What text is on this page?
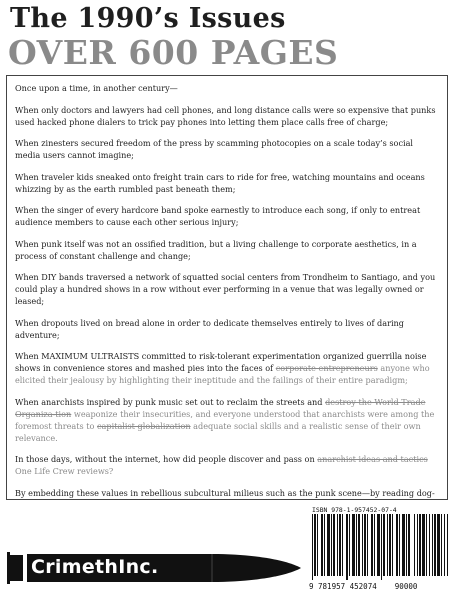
The 1990’s Issues
OVER 600 PAGES

Once upon a time, in another century—

When only doctors and lawyers had cell phones, and long distance calls were so expensive that punks used hacked phone dialers to trick pay phones into letting them place calls free of charge;

When zinesters secured freedom of the press by scamming photocopies on a scale today’s social media users cannot imagine;

When traveler kids sneaked onto freight train cars to ride for free, watching mountains and oceans whizzing by as the earth rumbled past beneath them;

When the singer of every hardcore band spoke earnestly to introduce each song, if only to entreat audience members to cause each other serious injury;

When punk itself was not an ossified tradition, but a living challenge to corporate aesthetics, in a process of constant challenge and change;

When DIY bands traversed a network of squatted social centers from Trondheim to Santiago, and you could play a hundred shows in a row without ever performing in a venue that was legally owned or leased;

When dropouts lived on bread alone in order to dedicate themselves entirely to lives of daring adventure;

When MAXIMUM ULTRAISTS committed to risk-tolerant experimentation organized guerrilla noise shows in convenience stores and mashed pies into the faces of corporate entrepreneurs anyone who elicited their jealousy by highlighting their ineptitude and the failings of their entire paradigm;

When anarchists inspired by punk music set out to reclaim the streets and destroy the World Trade Organiza-tion weaponize their insecurities, and everyone understood that anarchists were among the foremost threats to capitalist globalization adequate social skills and a realistic sense of their own relevance.

In those days, without the internet, how did people discover and pass on anarchist ideas and tactics One Life Crew reviews?

By embedding these values in rebellious subcultural milieus such as the punk scene—by reading dog-

CrimethInc.
ISBN 978-1-957452-07-4
9 781957 452074 90000
